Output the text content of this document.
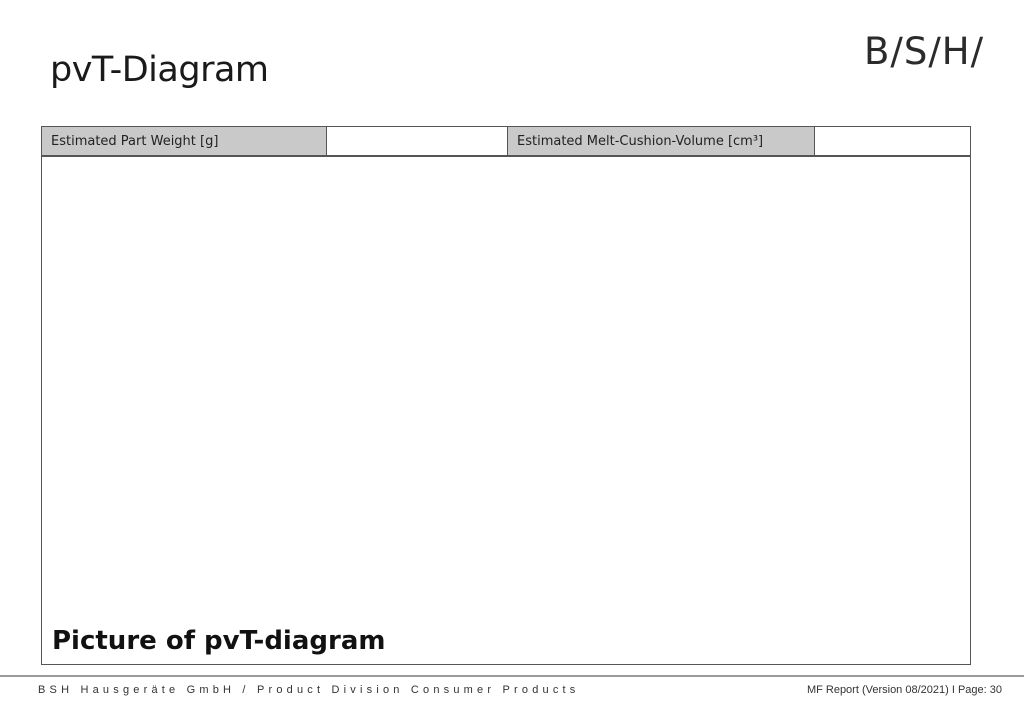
pvT-Diagram	B/S/H/
Estimated Part Weight [g]	Estimated Melt-Cushion-Volume [cm³]
Picture of pvT-diagram
BSH Hausgeräte GmbH / Product Division Consumer Products	MF Report (Version 08/2021) I Page: 30
